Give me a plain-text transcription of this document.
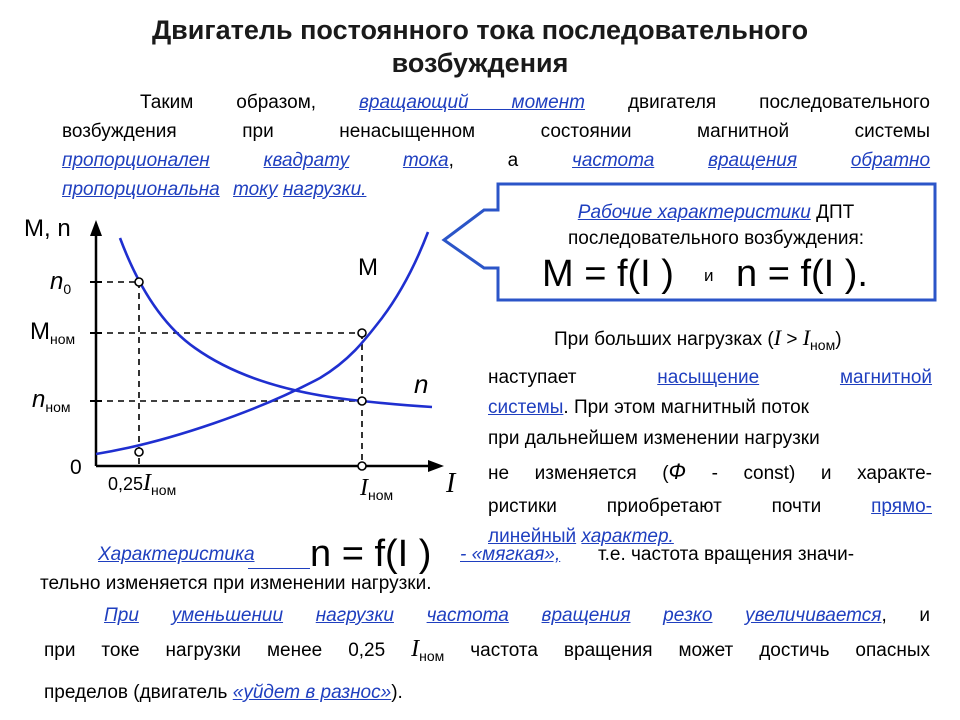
Двигатель постоянного тока последовательного
возбуждения
Таким образом, вращающий момент двигателя последовательного
возбуждения при ненасыщенном состоянии магнитной системы
пропорционален	квадрату	тока, а	частота	вращения	обратно
пропорциональна току нагрузки.
Рабочие характеристики ДПТ
последовательного возбуждения:
M = f(I ) и n = f(I ).
M, n
$n_0$
$M_{ном}$
$n_{ном}$
0
$0,25I_{ном}$	$I_{ном}$ I
M
n
При больших нагрузках $(I > I_{ном})$
наступает	насыщение	магнитной
системы. При этом магнитный поток
при дальнейшем изменении нагрузки
не изменяется (Ф - const) и характе-
ристики приобретают почти	прямо-
линейный характер.
Характеристика n = f(I ) - «мягкая», т.е. частота вращения значи-
тельно изменяется при изменении нагрузки.
При уменьшении нагрузки частота вращения резко увеличивается, и
при токе нагрузки менее 0,25 $I_{ном}$ частота вращения может достичь опасных
пределов (двигатель «уйдет в разнос»).
